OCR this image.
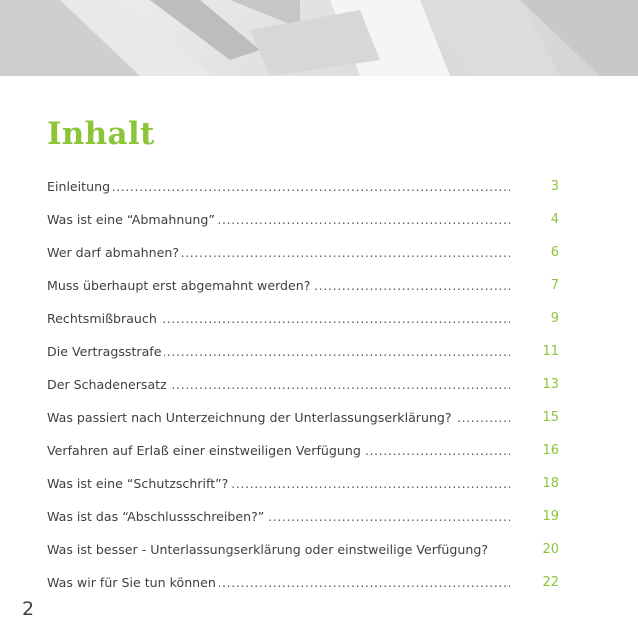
Inhalt
Einleitung . . .	3
Was ist eine “Abmahnung” . . .	4
Wer darf abmahnen? . . .	6
Muss überhaupt erst abgemahnt werden? . . .	7
Rechtsmißbrauch . . .	9
Die Vertragsstrafe . . .	11
Der Schadenersatz . . .	13
Was passiert nach Unterzeichnung der Unterlassungserklärung? . . .	15
Verfahren auf Erlaß einer einstweiligen Verfügung . . .	16
Was ist eine “Schutzschrift”? . . .	18
Was ist das “Abschlussschreiben?” . . .	19
Was ist besser - Unterlassungserklärung oder einstweilige Verfügung?	20
Was wir für Sie tun können . . .	22
2
